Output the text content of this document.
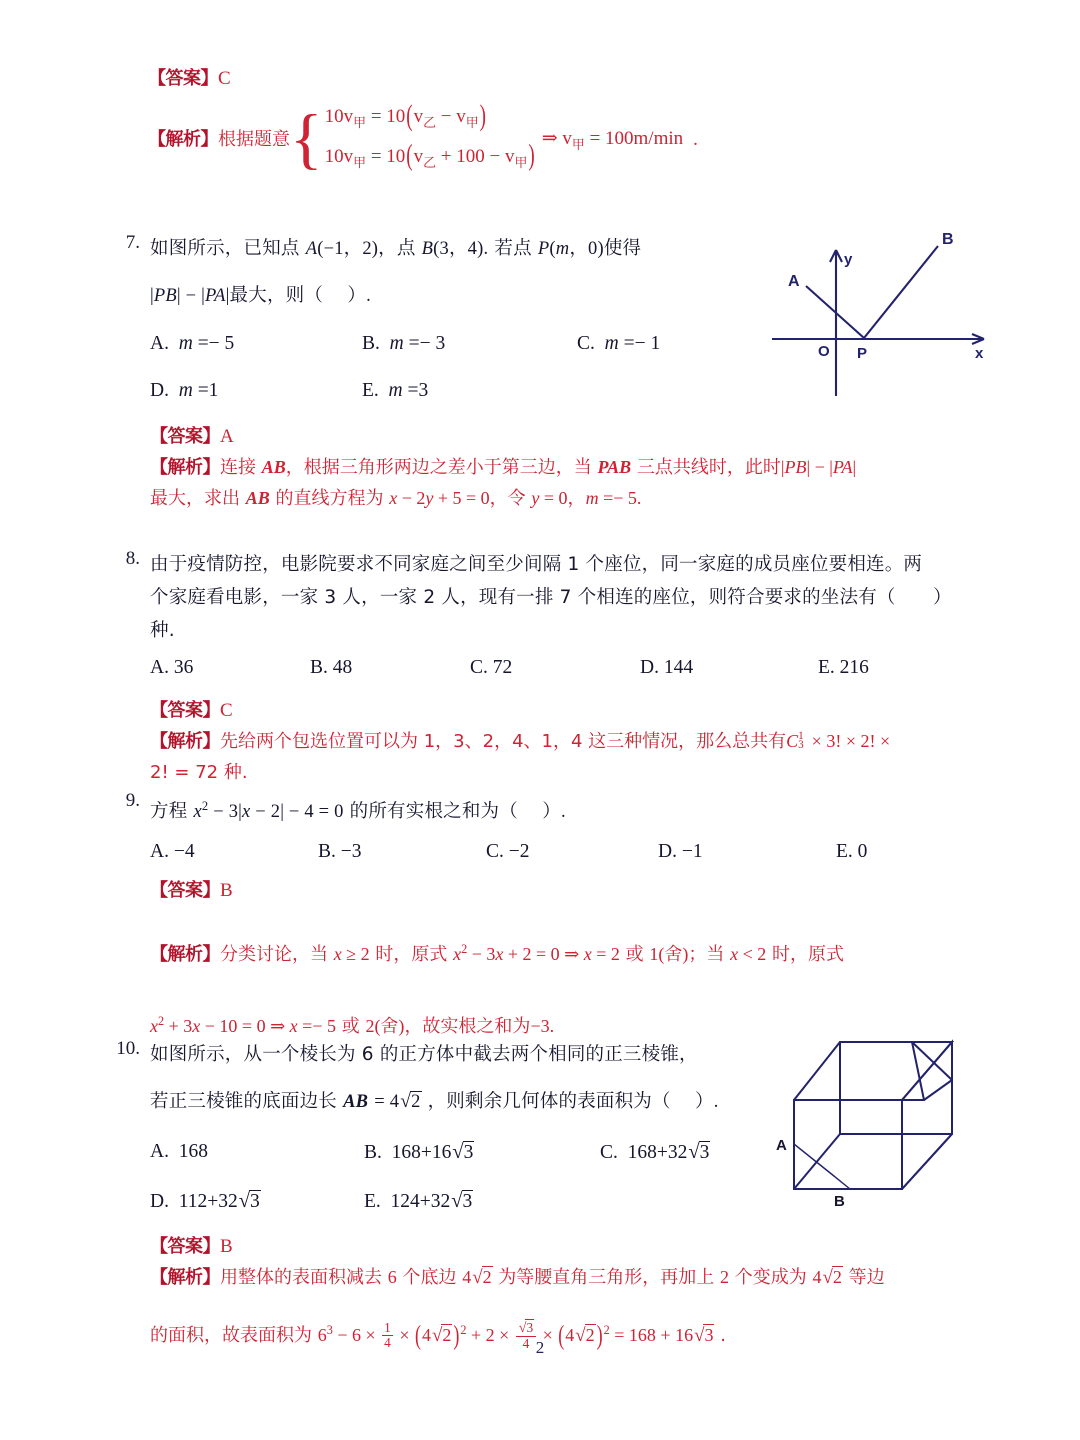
【答案】C
【解析】根据题意 { $10v_甲 = 10(v_乙 - v_甲)$
$10v_甲 = 10(v_乙 + 100 - v_甲)$
⇒ $v_甲 = 100m/\min$ .
7. 如图所示，已知点 A(−1，2)，点 B(3，4). 若点 P(m，0)使得
|PB| − |PA|最大，则（    ）.
A.  m =− 5	B.  m =− 3	C.  m =− 1
D.  m =1	E.  m =3
【答案】A
【解析】连接 AB，根据三角形两边之差小于第三边，当 PAB 三点共线时，此时|PB| − |PA|
最大，求出 AB 的直线方程为 x − 2y + 5 = 0，令 y = 0，m =− 5.
A
B
O P	x
y
8. 由于疫情防控，电影院要求不同家庭之间至少间隔 1 个座位，同一家庭的成员座位要相连。两
个家庭看电影，一家 3 人，一家 2 人，现有一排 7 个相连的座位，则符合要求的坐法有（　　）
种.
A. 36	B. 48	C. 72	D. 144	E. 216
【答案】C
【解析】先给两个包选位置可以为 1，3、2，4、1，4 这三种情况，那么总共有C 1
3 × 3! × 2! ×
2! = 72 种.
9.
方程 $x^2 - 3|x - 2| - 4 = 0$ 的所有实根之和为（    ）.
A. −4	B. −3	C. −2	D. −1	E. 0
【答案】B
【解析】分类讨论，当 x ≥ 2 时，原式 $x^2 - 3x + 2 = 0$ ⇒ x = 2 或 1(舍)；当 x < 2 时，原式
$x^2 + 3x - 10 = 0$ ⇒ x =− 5 或 2(舍)，故实根之和为−3.
10. 如图所示，从一个棱长为 6 的正方体中截去两个相同的正三棱锥，
若正三棱锥的底面边长 AB = 4√2 ，则剩余几何体的表面积为（    ）.
A.  168	B.  168+16√3	C.  168+32√3
D.  112+32√3	E.  124+32√3
【答案】B
【解析】用整体的表面积减去 6 个底边 4√2 为等腰直角三角形，再加上 2 个变成为 4√2 等边
的面积，故表面积为 $6^3 - 6 \times \frac{1}{4} \times (4√2$ )$^2 + 2 \times \frac{√3}{4} \times (4√2$ )$^2$ = 168 + 16√3 .
A
B
2
